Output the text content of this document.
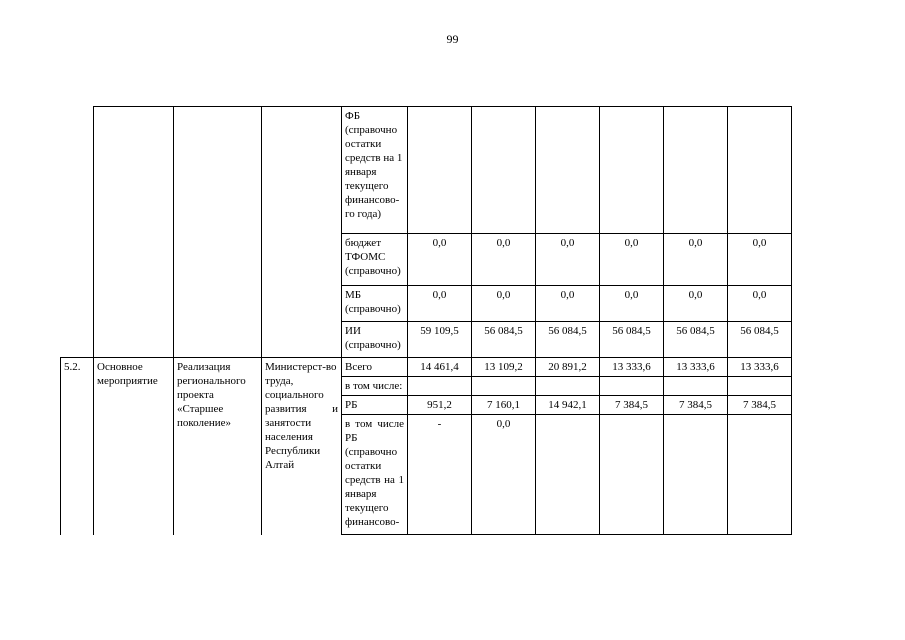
99
				ФБ (справочно остатки средств на 1 января текущего финансово-го года)						
				бюджет ТФОМС (справочно)	0,0	0,0	0,0	0,0	0,0	0,0
				МБ (справочно)	0,0	0,0	0,0	0,0	0,0	0,0
				ИИ (справочно)	59 109,5	56 084,5	56 084,5	56 084,5	56 084,5	56 084,5
5.2.	Основное мероприятие	Реализация регионального проекта «Старшее поколение»	Министерст-во труда, социального развития и занятости населения Республики Алтай	Всего	14 461,4	13 109,2	20 891,2	13 333,6	13 333,6	13 333,6
				в том числе:						
				РБ	951,2	7 160,1	14 942,1	7 384,5	7 384,5	7 384,5
				в том числе РБ (справочно остатки средств на 1 января текущего финансово-	-	0,0				
